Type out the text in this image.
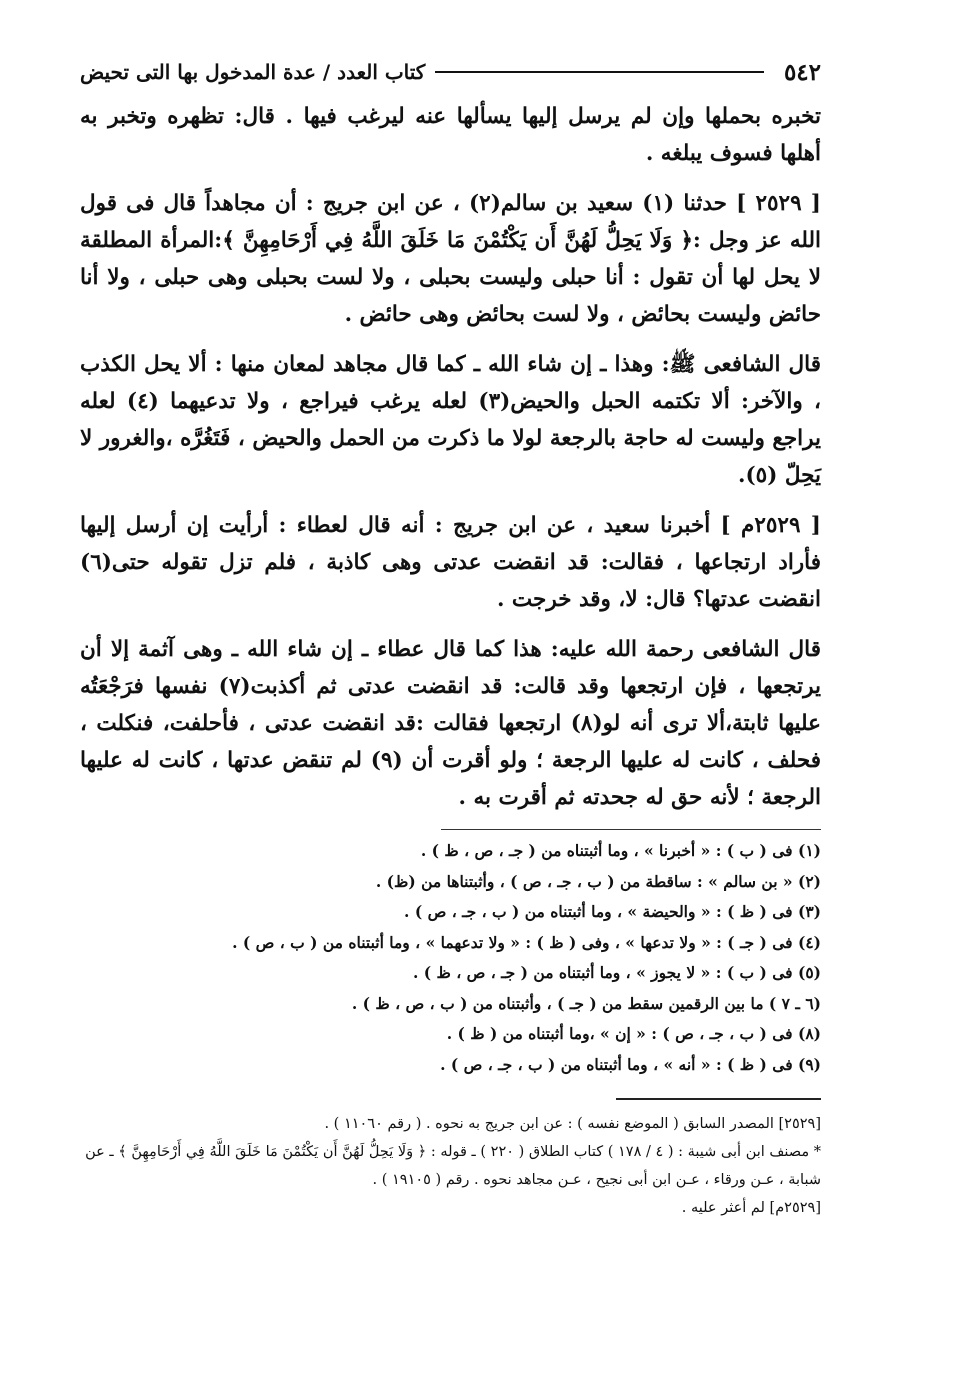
٥٤٢
كتاب العدد / عدة المدخول بها التى تحيض

تخبره بحملها وإن لم يرسل إليها يسألها عنه ليرغب فيها . قال: تظهره وتخبر به أهلها فسوف يبلغه .

[ ٢٥٢٩ ] حدثنا (١) سعيد بن سالم(٢) ، عن ابن جريج : أن مجاهداً قال فى قول الله عز وجل :﴿ وَلَا يَحِلُّ لَهُنَّ أَن يَكْتُمْنَ مَا خَلَقَ اللَّهُ فِي أَرْحَامِهِنَّ ﴾:المرأة المطلقة لا يحل لها أن تقول : أنا حبلى وليست بحبلى ، ولا لست بحبلى وهى حبلى ، ولا أنا حائض وليست بحائض ، ولا لست بحائض وهى حائض .

قال الشافعى ﷺ: وهذا ـ إن شاء الله ـ كما قال مجاهد لمعان منها : ألا يحل الكذب ، والآخر: ألا تكتمه الحبل والحيض(٣) لعله يرغب فيراجع ، ولا تدعيهما (٤) لعله يراجع وليست له حاجة بالرجعة لولا ما ذكرت من الحمل والحيض ، فَتَغُرَّه ،والغرور لا يَحِلّ (٥).

[ ٢٥٢٩م ] أخبرنا سعيد ، عن ابن جريج : أنه قال لعطاء : أرأيت إن أرسل إليها فأراد ارتجاعها ، فقالت: قد انقضت عدتى وهى كاذبة ، فلم تزل تقوله حتى(٦) انقضت عدتها؟ قال: لا، وقد خرجت .

قال الشافعى رحمة الله عليه: هذا كما قال عطاء ـ إن شاء الله ـ وهى آثمة إلا أن يرتجعها ، فإن ارتجعها وقد قالت: قد انقضت عدتى ثم أكذبت(٧) نفسها فرَجْعَتُه عليها ثابتة،ألا ترى أنه لو(٨) ارتجعها فقالت :قد انقضت عدتى ، فأحلفت، فنكلت ، فحلف ، كانت له عليها الرجعة ؛ ولو أقرت أن (٩) لم تنقض عدتها ، كانت له عليها الرجعة ؛ لأنه حق له جحدته ثم أقرت به .

(١) فى ( ب ) : « أخبرنا » ، وما أثبتناه من ( جـ ، ص ، ظ ) .
(٢) « بن سالم » : ساقطة من ( ب ، جـ ، ص ) ، وأثبتناها من (ظ) .
(٣) فى ( ظ ) : « والحيضة » ، وما أثبتناه من ( ب ، جـ ، ص ) .
(٤) فى ( جـ ) : « ولا تدعها » ، وفى ( ظ ) : « ولا تدعهما » ، وما أثبتناه من ( ب ، ص ) .
(٥) فى ( ب ) : « لا يجوز » ، وما أثبتناه من ( جـ ، ص ، ظ ) .
(٦ ـ ٧ ) ما بين الرقمين سقط من ( جـ ) ، وأثبتناه من ( ب ، ص ، ظ ) .
(٨) فى ( ب ، جـ ، ص ) : « إن » ،وما أثبتناه من ( ظ ) .
(٩) فى ( ظ ) : « أنه » ، وما أثبتناه من ( ب ، جـ ، ص ) .
[٢٥٢٩] المصدر السابق ( الموضع نفسه ) : عن ابن جريج به نحوه . ( رقم ١١٠٦٠ ) .
* مصنف ابن أبى شيبة : ( ٤ / ١٧٨ ) كتاب الطلاق ( ٢٢٠ ) ـ قوله : ﴿ وَلَا يَحِلُّ لَهُنَّ أَن يَكْتُمْنَ مَا خَلَقَ اللَّهُ فِي أَرْحَامِهِنَّ ﴾ ـ عن شبابة ، عـن ورقاء ، عـن ابن أبى نجيح ، عـن مجاهد نحوه . رقم ( ١٩١٠٥ ) .
[٢٥٢٩م] لم أعثر عليه .
